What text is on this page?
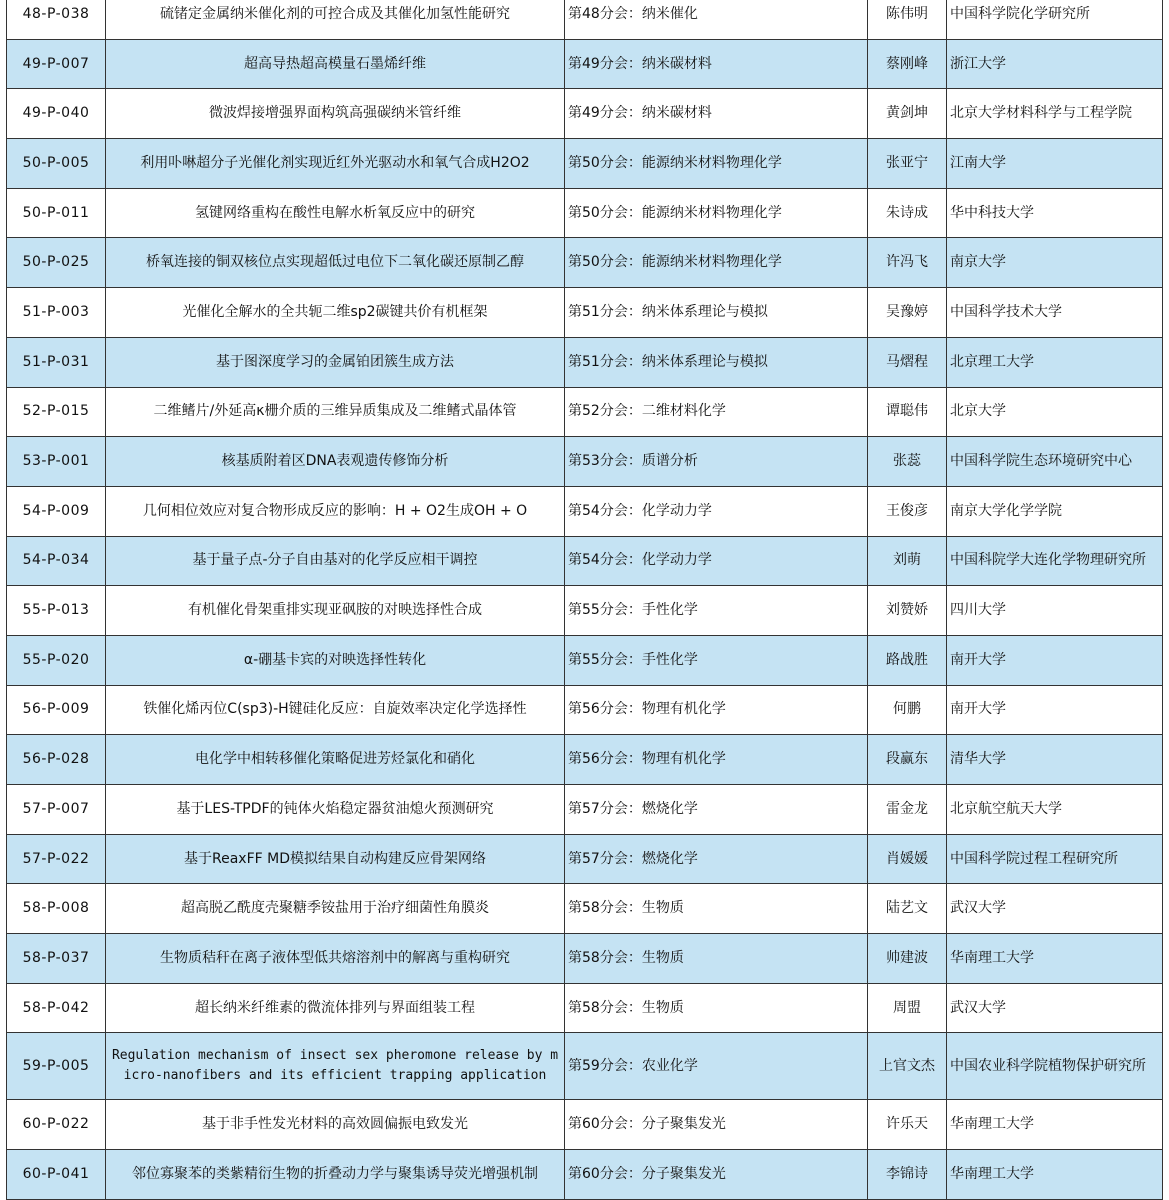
48-P-038	硫锗定金属纳米催化剂的可控合成及其催化加氢性能研究	第48分会：纳米催化	陈伟明	中国科学院化学研究所
49-P-007	超高导热超高模量石墨烯纤维	第49分会：纳米碳材料	蔡刚峰	浙江大学
49-P-040	微波焊接增强界面构筑高强碳纳米管纤维	第49分会：纳米碳材料	黄剑坤	北京大学材料科学与工程学院
50-P-005	利用卟啉超分子光催化剂实现近红外光驱动水和氧气合成H2O2	第50分会：能源纳米材料物理化学	张亚宁	江南大学
50-P-011	氢键网络重构在酸性电解水析氧反应中的研究	第50分会：能源纳米材料物理化学	朱诗成	华中科技大学
50-P-025	桥氧连接的铜双核位点实现超低过电位下二氧化碳还原制乙醇	第50分会：能源纳米材料物理化学	许冯飞	南京大学
51-P-003	光催化全解水的全共轭二维sp2碳键共价有机框架	第51分会：纳米体系理论与模拟	吴豫婷	中国科学技术大学
51-P-031	基于图深度学习的金属铂团簇生成方法	第51分会：纳米体系理论与模拟	马熠程	北京理工大学
52-P-015	二维鳍片/外延高κ栅介质的三维异质集成及二维鳍式晶体管	第52分会：二维材料化学	谭聪伟	北京大学
53-P-001	核基质附着区DNA表观遗传修饰分析	第53分会：质谱分析	张蕊	中国科学院生态环境研究中心
54-P-009	几何相位效应对复合物形成反应的影响：H + O2生成OH + O	第54分会：化学动力学	王俊彦	南京大学化学学院
54-P-034	基于量子点-分子自由基对的化学反应相干调控	第54分会：化学动力学	刘萌	中国科院学大连化学物理研究所
55-P-013	有机催化骨架重排实现亚砜胺的对映选择性合成	第55分会：手性化学	刘赞娇	四川大学
55-P-020	α-硼基卡宾的对映选择性转化	第55分会：手性化学	路战胜	南开大学
56-P-009	铁催化烯丙位C(sp3)-H键硅化反应：自旋效率决定化学选择性	第56分会：物理有机化学	何鹏	南开大学
56-P-028	电化学中相转移催化策略促进芳烃氯化和硝化	第56分会：物理有机化学	段赢东	清华大学
57-P-007	基于LES-TPDF的钝体火焰稳定器贫油熄火预测研究	第57分会：燃烧化学	雷金龙	北京航空航天大学
57-P-022	基于ReaxFF MD模拟结果自动构建反应骨架网络	第57分会：燃烧化学	肖媛媛	中国科学院过程工程研究所
58-P-008	超高脱乙酰度壳聚糖季铵盐用于治疗细菌性角膜炎	第58分会：生物质	陆艺文	武汉大学
58-P-037	生物质秸秆在离子液体型低共熔溶剂中的解离与重构研究	第58分会：生物质	帅建波	华南理工大学
58-P-042	超长纳米纤维素的微流体排列与界面组装工程	第58分会：生物质	周盟	武汉大学
59-P-005	Regulation mechanism of insect sex pheromone release by micro-nanofibers and its efficient trapping application	第59分会：农业化学	上官文杰	中国农业科学院植物保护研究所
60-P-022	基于非手性发光材料的高效圆偏振电致发光	第60分会：分子聚集发光	许乐天	华南理工大学
60-P-041	邻位寡聚苯的类紫精衍生物的折叠动力学与聚集诱导荧光增强机制	第60分会：分子聚集发光	李锦诗	华南理工大学
